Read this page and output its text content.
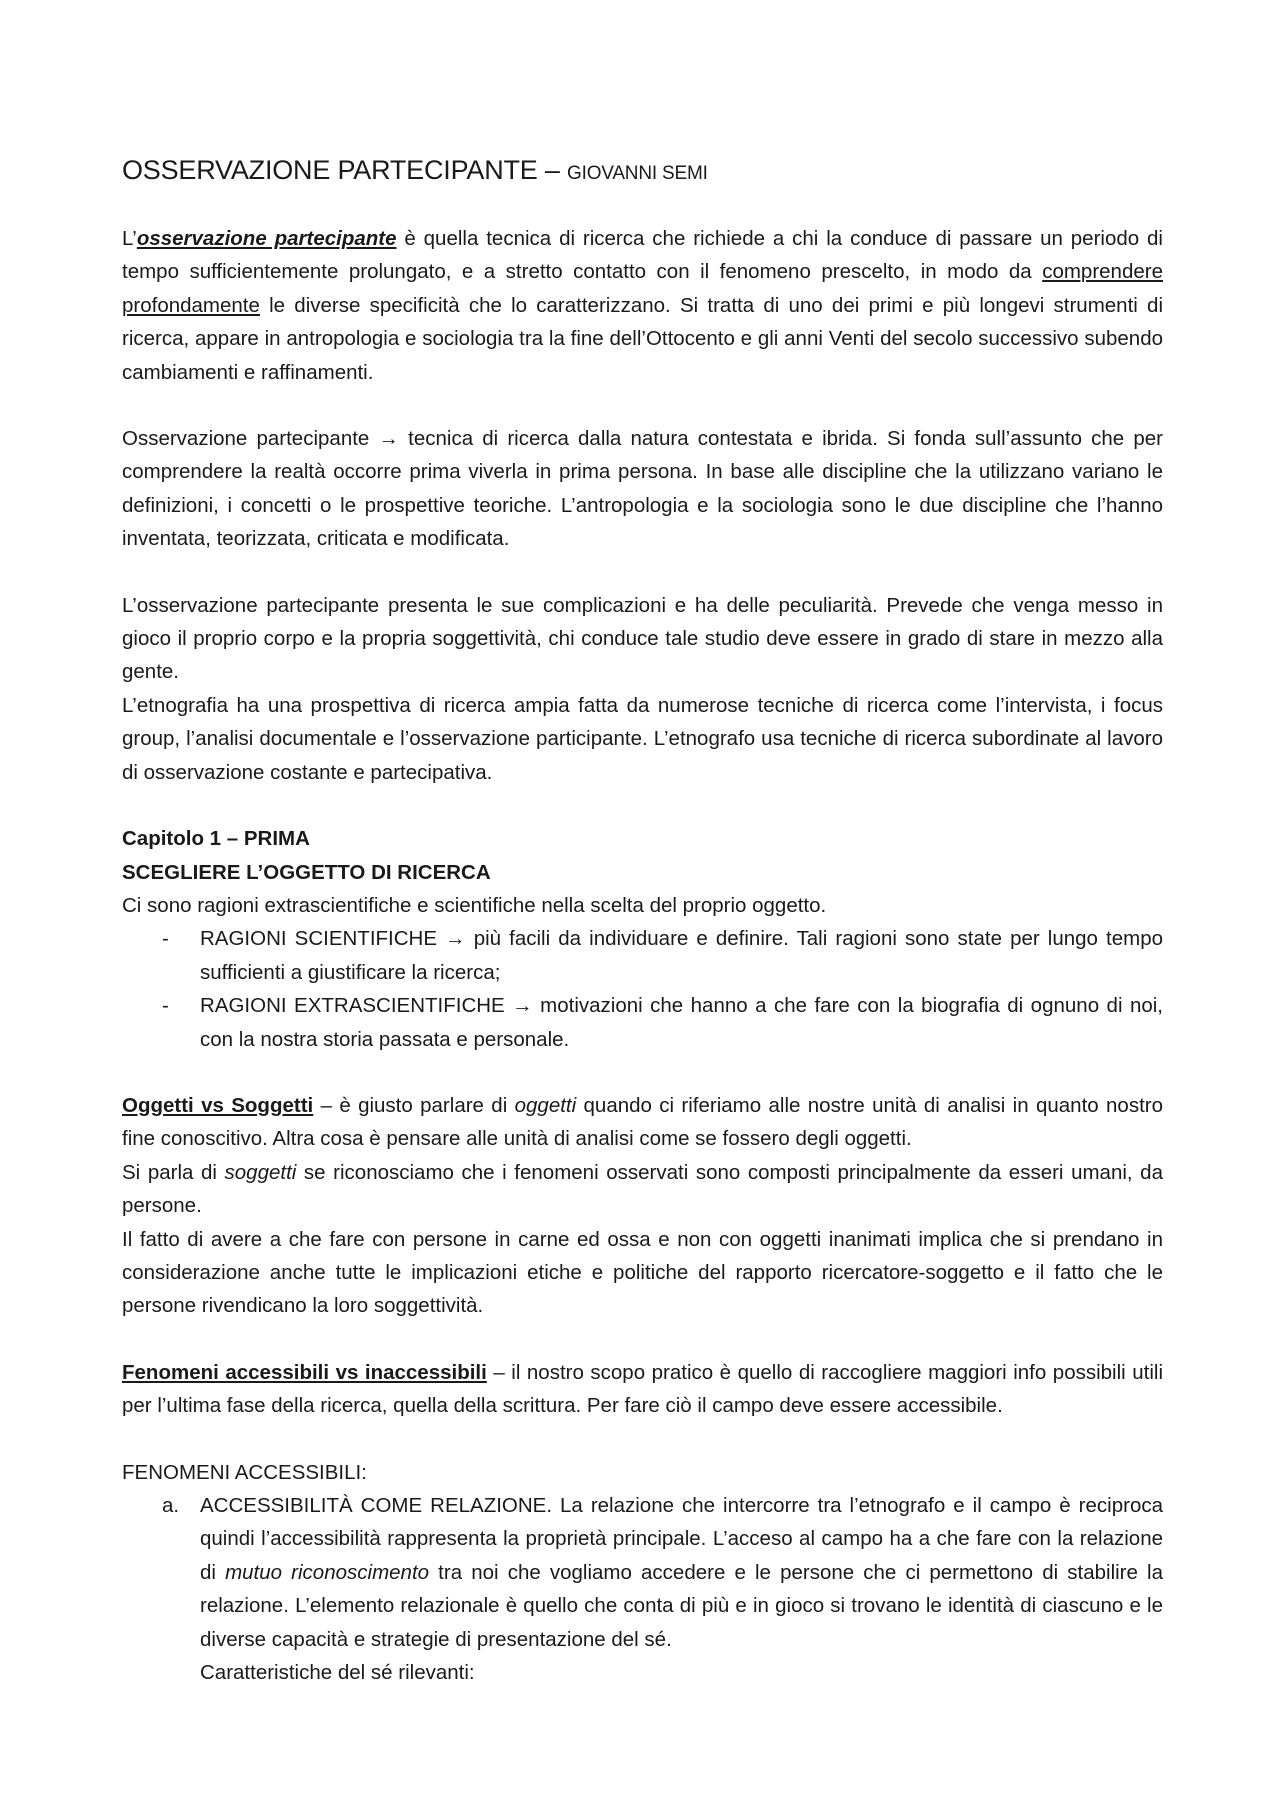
OSSERVAZIONE PARTECIPANTE – GIOVANNI SEMI

L’osservazione partecipante è quella tecnica di ricerca che richiede a chi la conduce di passare un periodo di tempo sufficientemente prolungato, e a stretto contatto con il fenomeno prescelto, in modo da comprendere profondamente le diverse specificità che lo caratterizzano. Si tratta di uno dei primi e più longevi strumenti di ricerca, appare in antropologia e sociologia tra la fine dell’Ottocento e gli anni Venti del secolo successivo subendo cambiamenti e raffinamenti.

Osservazione partecipante → tecnica di ricerca dalla natura contestata e ibrida. Si fonda sull’assunto che per comprendere la realtà occorre prima viverla in prima persona. In base alle discipline che la utilizzano variano le definizioni, i concetti o le prospettive teoriche. L’antropologia e la sociologia sono le due discipline che l’hanno inventata, teorizzata, criticata e modificata.

L’osservazione partecipante presenta le sue complicazioni e ha delle peculiarità. Prevede che venga messo in gioco il proprio corpo e la propria soggettività, chi conduce tale studio deve essere in grado di stare in mezzo alla gente.

L’etnografia ha una prospettiva di ricerca ampia fatta da numerose tecniche di ricerca come l’intervista, i focus group, l’analisi documentale e l’osservazione participante. L’etnografo usa tecniche di ricerca subordinate al lavoro di osservazione costante e partecipativa.

Capitolo 1 – PRIMA

SCEGLIERE L’OGGETTO DI RICERCA

Ci sono ragioni extrascientifiche e scientifiche nella scelta del proprio oggetto.

- RAGIONI SCIENTIFICHE → più facili da individuare e definire. Tali ragioni sono state per lungo tempo sufficienti a giustificare la ricerca;
- RAGIONI EXTRASCIENTIFICHE → motivazioni che hanno a che fare con la biografia di ognuno di noi, con la nostra storia passata e personale.

Oggetti vs Soggetti – è giusto parlare di oggetti quando ci riferiamo alle nostre unità di analisi in quanto nostro fine conoscitivo. Altra cosa è pensare alle unità di analisi come se fossero degli oggetti.

Si parla di soggetti se riconosciamo che i fenomeni osservati sono composti principalmente da esseri umani, da persone.

Il fatto di avere a che fare con persone in carne ed ossa e non con oggetti inanimati implica che si prendano in considerazione anche tutte le implicazioni etiche e politiche del rapporto ricercatore-soggetto e il fatto che le persone rivendicano la loro soggettività.

Fenomeni accessibili vs inaccessibili – il nostro scopo pratico è quello di raccogliere maggiori info possibili utili per l’ultima fase della ricerca, quella della scrittura. Per fare ciò il campo deve essere accessibile.

FENOMENI ACCESSIBILI:

a. ACCESSIBILITÀ COME RELAZIONE. La relazione che intercorre tra l’etnografo e il campo è reciproca quindi l’accessibilità rappresenta la proprietà principale. L’acceso al campo ha a che fare con la relazione di mutuo riconoscimento tra noi che vogliamo accedere e le persone che ci permettono di stabilire la relazione. L’elemento relazionale è quello che conta di più e in gioco si trovano le identità di ciascuno e le diverse capacità e strategie di presentazione del sé.

Caratteristiche del sé rilevanti:
